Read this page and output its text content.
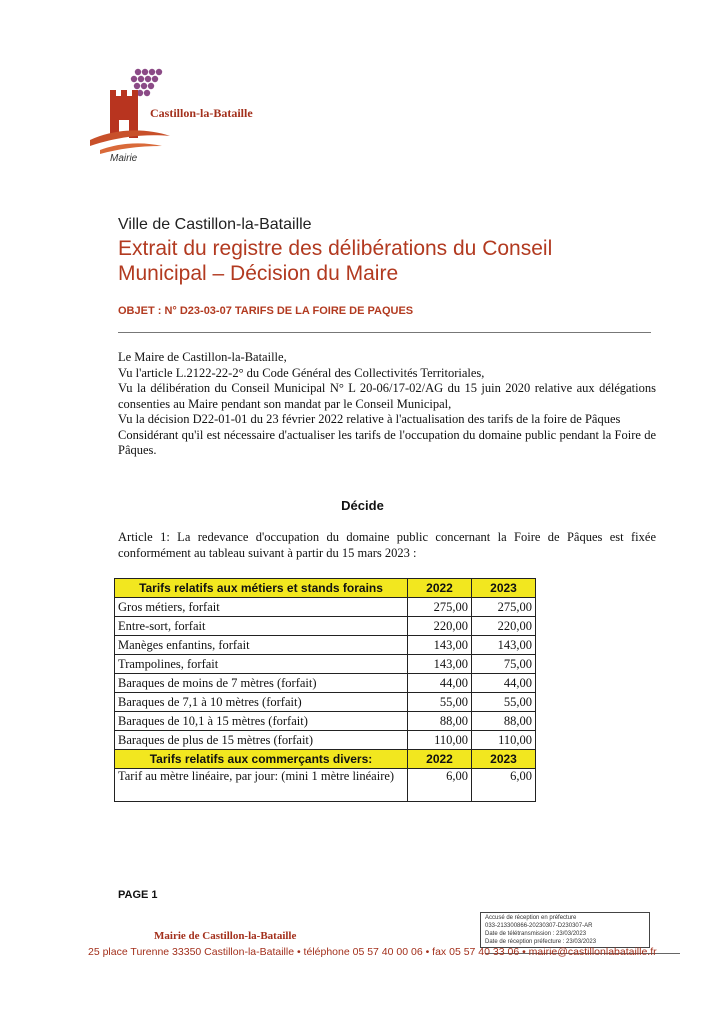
Castillon-la-Bataille
Mairie
Ville de Castillon-la-Bataille
Extrait du registre des délibérations du Conseil
Municipal – Décision du Maire
OBJET : N° D23-03-07 TARIFS DE LA FOIRE DE PAQUES

Le Maire de Castillon-la-Bataille,

Vu l'article L.2122-22-2° du Code Général des Collectivités Territoriales,

Vu la délibération du Conseil Municipal N° L 20-06/17-02/AG du 15 juin 2020 relative aux délégations consenties au Maire pendant son mandat par le Conseil Municipal,

Vu la décision D22-01-01 du 23 février 2022 relative à l'actualisation des tarifs de la foire de Pâques

Considérant qu'il est nécessaire d'actualiser les tarifs de l'occupation du domaine public pendant la Foire de Pâques.

Décide
Article 1: La redevance d'occupation du domaine public concernant la Foire de Pâques est fixée conformément au tableau suivant à partir du 15 mars 2023 :
Tarifs relatifs aux métiers et stands forains	2022	2023
Gros métiers, forfait	275,00	275,00
Entre-sort, forfait	220,00	220,00
Manèges enfantins, forfait	143,00	143,00
Trampolines, forfait	143,00	75,00
Baraques de moins de 7 mètres (forfait)	44,00	44,00
Baraques de 7,1 à 10 mètres (forfait)	55,00	55,00
Baraques de 10,1 à 15 mètres (forfait)	88,00	88,00
Baraques de plus de 15 mètres (forfait)	110,00	110,00
Tarifs relatifs aux commerçants divers:	2022	2023
Tarif au mètre linéaire, par jour: (mini 1 mètre linéaire)	6,00	6,00
PAGE 1
Accusé de réception en préfecture
033-213300866-20230307-D230307-AR
Date de télétransmission : 23/03/2023
Date de réception préfecture : 23/03/2023
Mairie de Castillon-la-Bataille
25 place Turenne 33350 Castillon-la-Bataille • téléphone 05 57 40 00 06 • fax 05 57 40 33 06 • mairie@castillonlabataille.fr
